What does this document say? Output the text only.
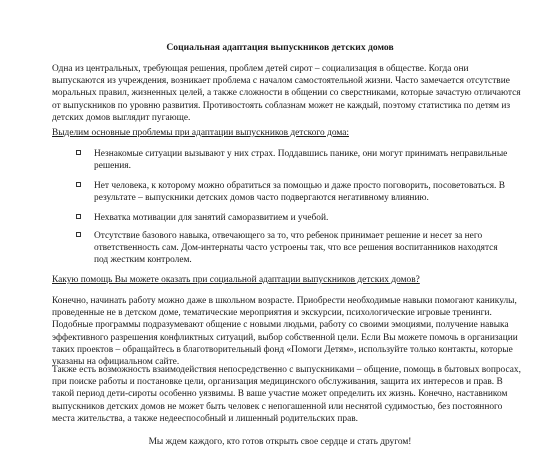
Социальная адаптация выпускников детских домов

Одна из центральных, требующая решения, проблем детей сирот – социализация в обществе. Когда они выпускаются из учреждения, возникает проблема с началом самостоятельной жизни. Часто замечается отсутствие моральных правил, жизненных целей, а также сложности в общении со сверстниками, которые зачастую отличаются от выпускников по уровню развития. Противостоять соблазнам может не каждый, поэтому статистика по детям из детских домов выглядит пугающе.

Выделим основные проблемы при адаптации выпускников детского дома:

Незнакомые ситуации вызывают у них страх. Поддавшись панике, они могут принимать неправильные решения.
Нет человека, к которому можно обратиться за помощью и даже просто поговорить, посоветоваться. В результате – выпускники детских домов часто подвергаются негативному влиянию.
Нехватка мотивации для занятий саморазвитием и учебой.
Отсутствие базового навыка, отвечающего за то, что ребенок принимает решение и несет за него ответственность сам. Дом-интернаты часто устроены так, что все решения воспитанников находятся под жестким контролем.

Какую помощь Вы можете оказать при социальной адаптации выпускников детских домов?

Конечно, начинать работу можно даже в школьном возрасте. Приобрести необходимые навыки помогают каникулы, проведенные не в детском доме, тематические мероприятия и экскурсии, психологические игровые тренинги. Подобные программы подразумевают общение с новыми людьми, работу со своими эмоциями, получение навыка эффективного разрешения конфликтных ситуаций, выбор собственной цели. Если Вы можете помочь в организации таких проектов – обращайтесь в благотворительный фонд «Помоги Детям», используйте только контакты, которые указаны на официальном сайте.

Также есть возможность взаимодействия непосредственно с выпускниками – общение, помощь в бытовых вопросах, при поиске работы и постановке цели, организация медицинского обслуживания, защита их интересов и прав. В такой период дети-сироты особенно уязвимы. В ваше участие может определить их жизнь. Конечно, наставником выпускников детских домов не может быть человек с непогашенной или неснятой судимостью, без постоянного места жительства, а также недееспособный и лишенный родительских прав.

Мы ждем каждого, кто готов открыть свое сердце и стать другом!
